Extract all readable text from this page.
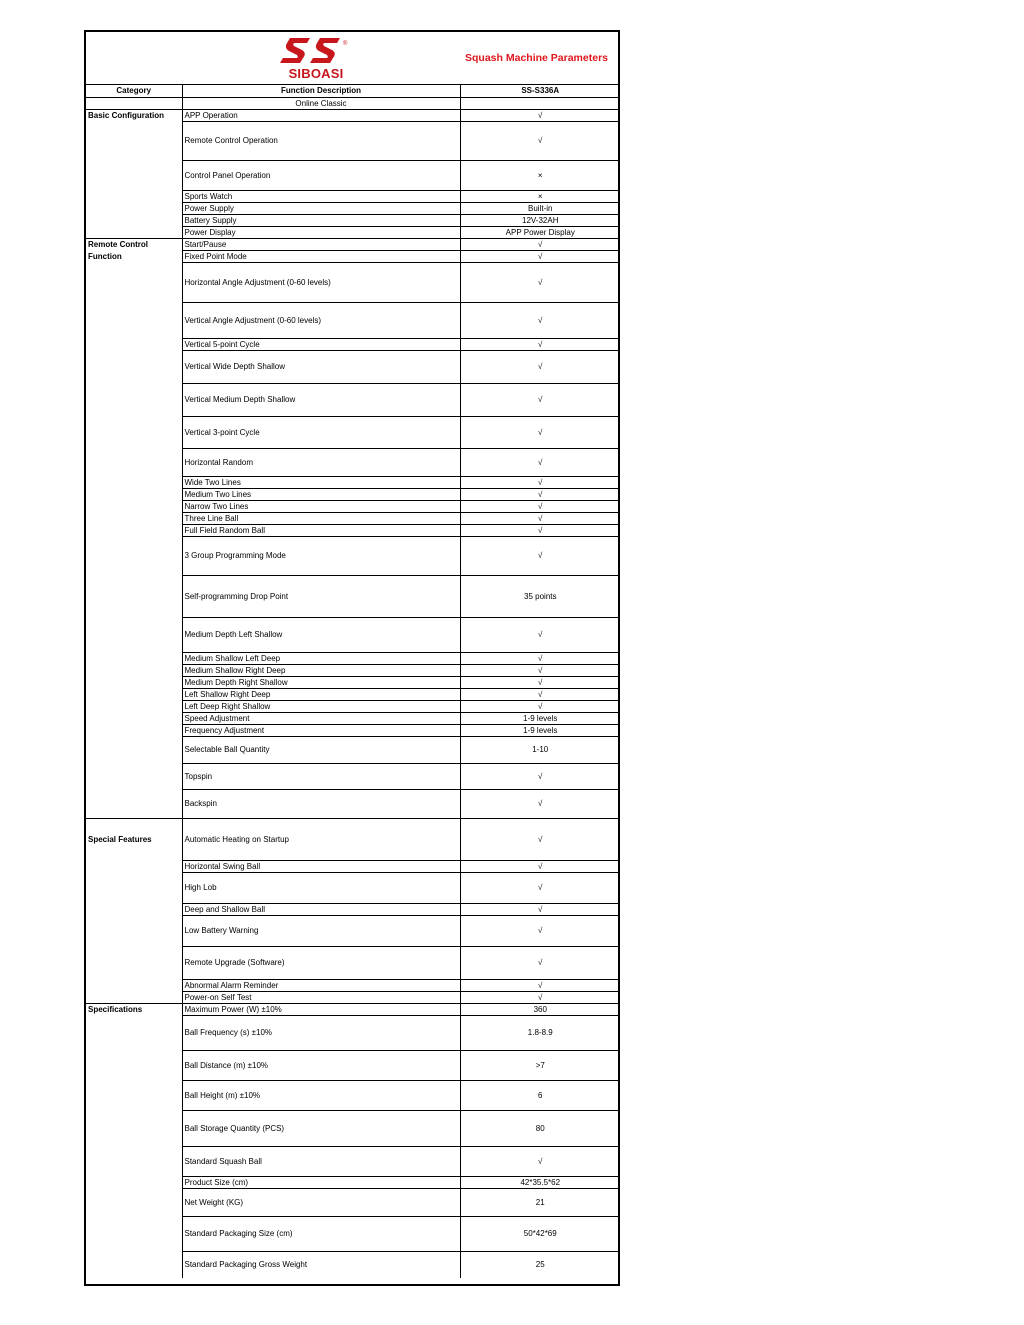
®
SIBOASI
Squash Machine Parameters
Category	Function Description	SS-S336A
	Online Classic	
Basic Configuration	APP Operation	√
	Remote Control Operation	√
	Control Panel Operation	×
	Sports Watch	×
	Power Supply	Built-in
	Battery Supply	12V-32AH
	Power Display	APP Power Display
Remote Control	Start/Pause	√
Function	Fixed Point Mode	√
	Horizontal Angle Adjustment (0-60 levels)	√
	Vertical Angle Adjustment (0-60 levels)	√
	Vertical 5-point Cycle	√
	Vertical Wide Depth Shallow	√
	Vertical Medium Depth Shallow	√
	Vertical 3-point Cycle	√
	Horizontal Random	√
	Wide Two Lines	√
	Medium Two Lines	√
	Narrow Two Lines	√
	Three Line Ball	√
	Full Field Random Ball	√
	3 Group Programming Mode	√
	Self-programming Drop Point	35 points
	Medium Depth Left Shallow	√
	Medium Shallow Left Deep	√
	Medium Shallow Right Deep	√
	Medium Depth Right Shallow	√
	Left Shallow Right Deep	√
	Left Deep Right Shallow	√
	Speed Adjustment	1-9 levels
	Frequency Adjustment	1-9 levels
	Selectable Ball Quantity	1-10
	Topspin	√
	Backspin	√
Special Features	Automatic Heating on Startup	√
	Horizontal Swing Ball	√
	High Lob	√
	Deep and Shallow Ball	√
	Low Battery Warning	√
	Remote Upgrade (Software)	√
	Abnormal Alarm Reminder	√
	Power-on Self Test	√
Specifications	Maximum Power (W) ±10%	360
	Ball Frequency (s) ±10%	1.8-8.9
	Ball Distance (m) ±10%	>7
	Ball Height (m) ±10%	6
	Ball Storage Quantity (PCS)	80
	Standard Squash Ball	√
	Product Size (cm)	42*35.5*62
	Net Weight (KG)	21
	Standard Packaging Size (cm)	50*42*69
	Standard Packaging Gross Weight	25
